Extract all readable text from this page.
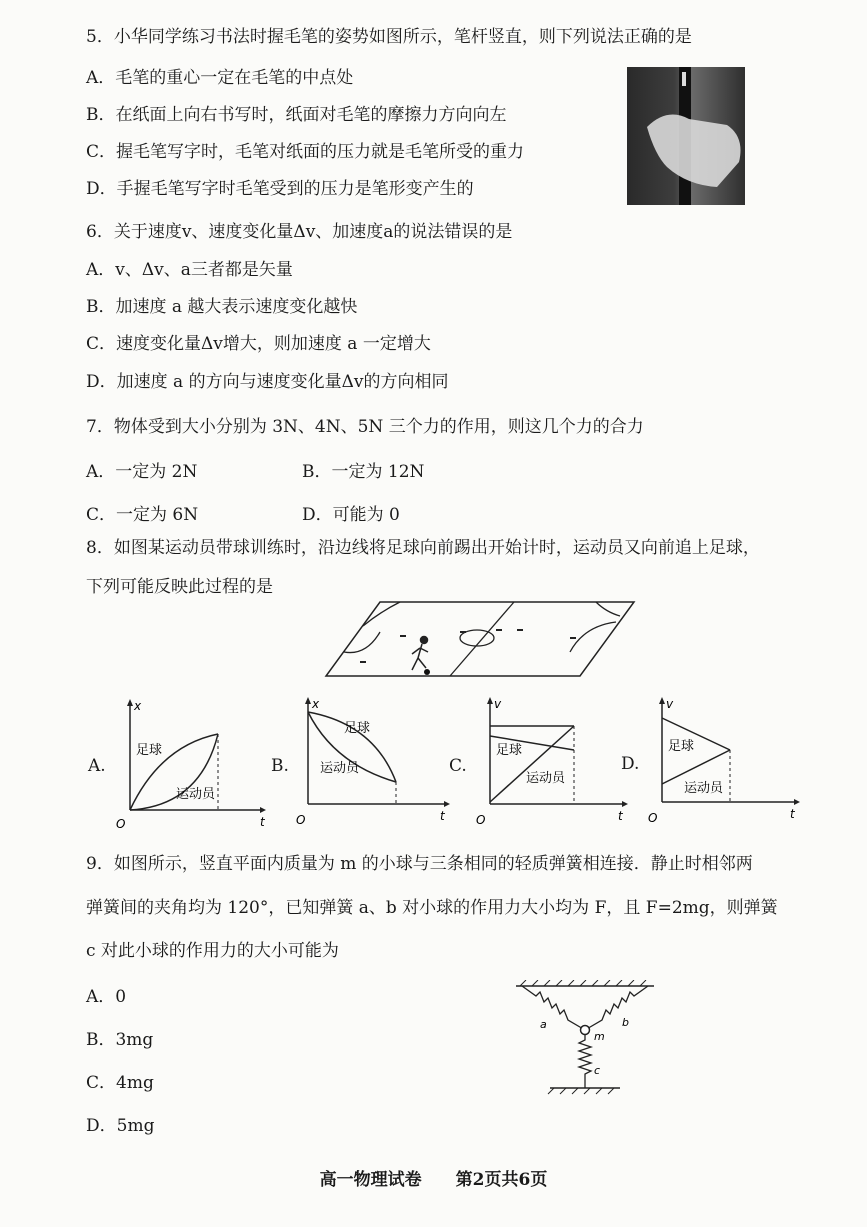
5．小华同学练习书法时握毛笔的姿势如图所示，笔杆竖直，则下列说法正确的是
A．毛笔的重心一定在毛笔的中点处
B．在纸面上向右书写时，纸面对毛笔的摩擦力方向向左
C．握毛笔写字时，毛笔对纸面的压力就是毛笔所受的重力
D．手握毛笔写字时毛笔受到的压力是笔形变产生的
6．关于速度v、速度变化量Δv、加速度a的说法错误的是
A．v、Δv、a三者都是矢量
B．加速度 a 越大表示速度变化越快
C．速度变化量Δv增大，则加速度 a 一定增大
D．加速度 a 的方向与速度变化量Δv的方向相同
7．物体受到大小分别为 3N、4N、5N 三个力的作用，则这几个力的合力
A．一定为 2N	B．一定为 12N
C．一定为 6N	D．可能为 0
8．如图某运动员带球训练时，沿边线将足球向前踢出开始计时，运动员又向前追上足球，
下列可能反映此过程的是
A.	B.	C.	D.
x
t
O
足球
运动员
x
t
O
足球
运动员
v
t
O
足球
运动员
v
t
O
足球
运动员
9．如图所示，竖直平面内质量为 m 的小球与三条相同的轻质弹簧相连接．静止时相邻两
弹簧间的夹角均为 120°，已知弹簧 a、b 对小球的作用力大小均为 F，且 F=2mg，则弹簧
c 对此小球的作用力的大小可能为
A．0
B．3mg
C．4mg
D．5mg
a	b
m
c
高一物理试卷　　第2页共6页
